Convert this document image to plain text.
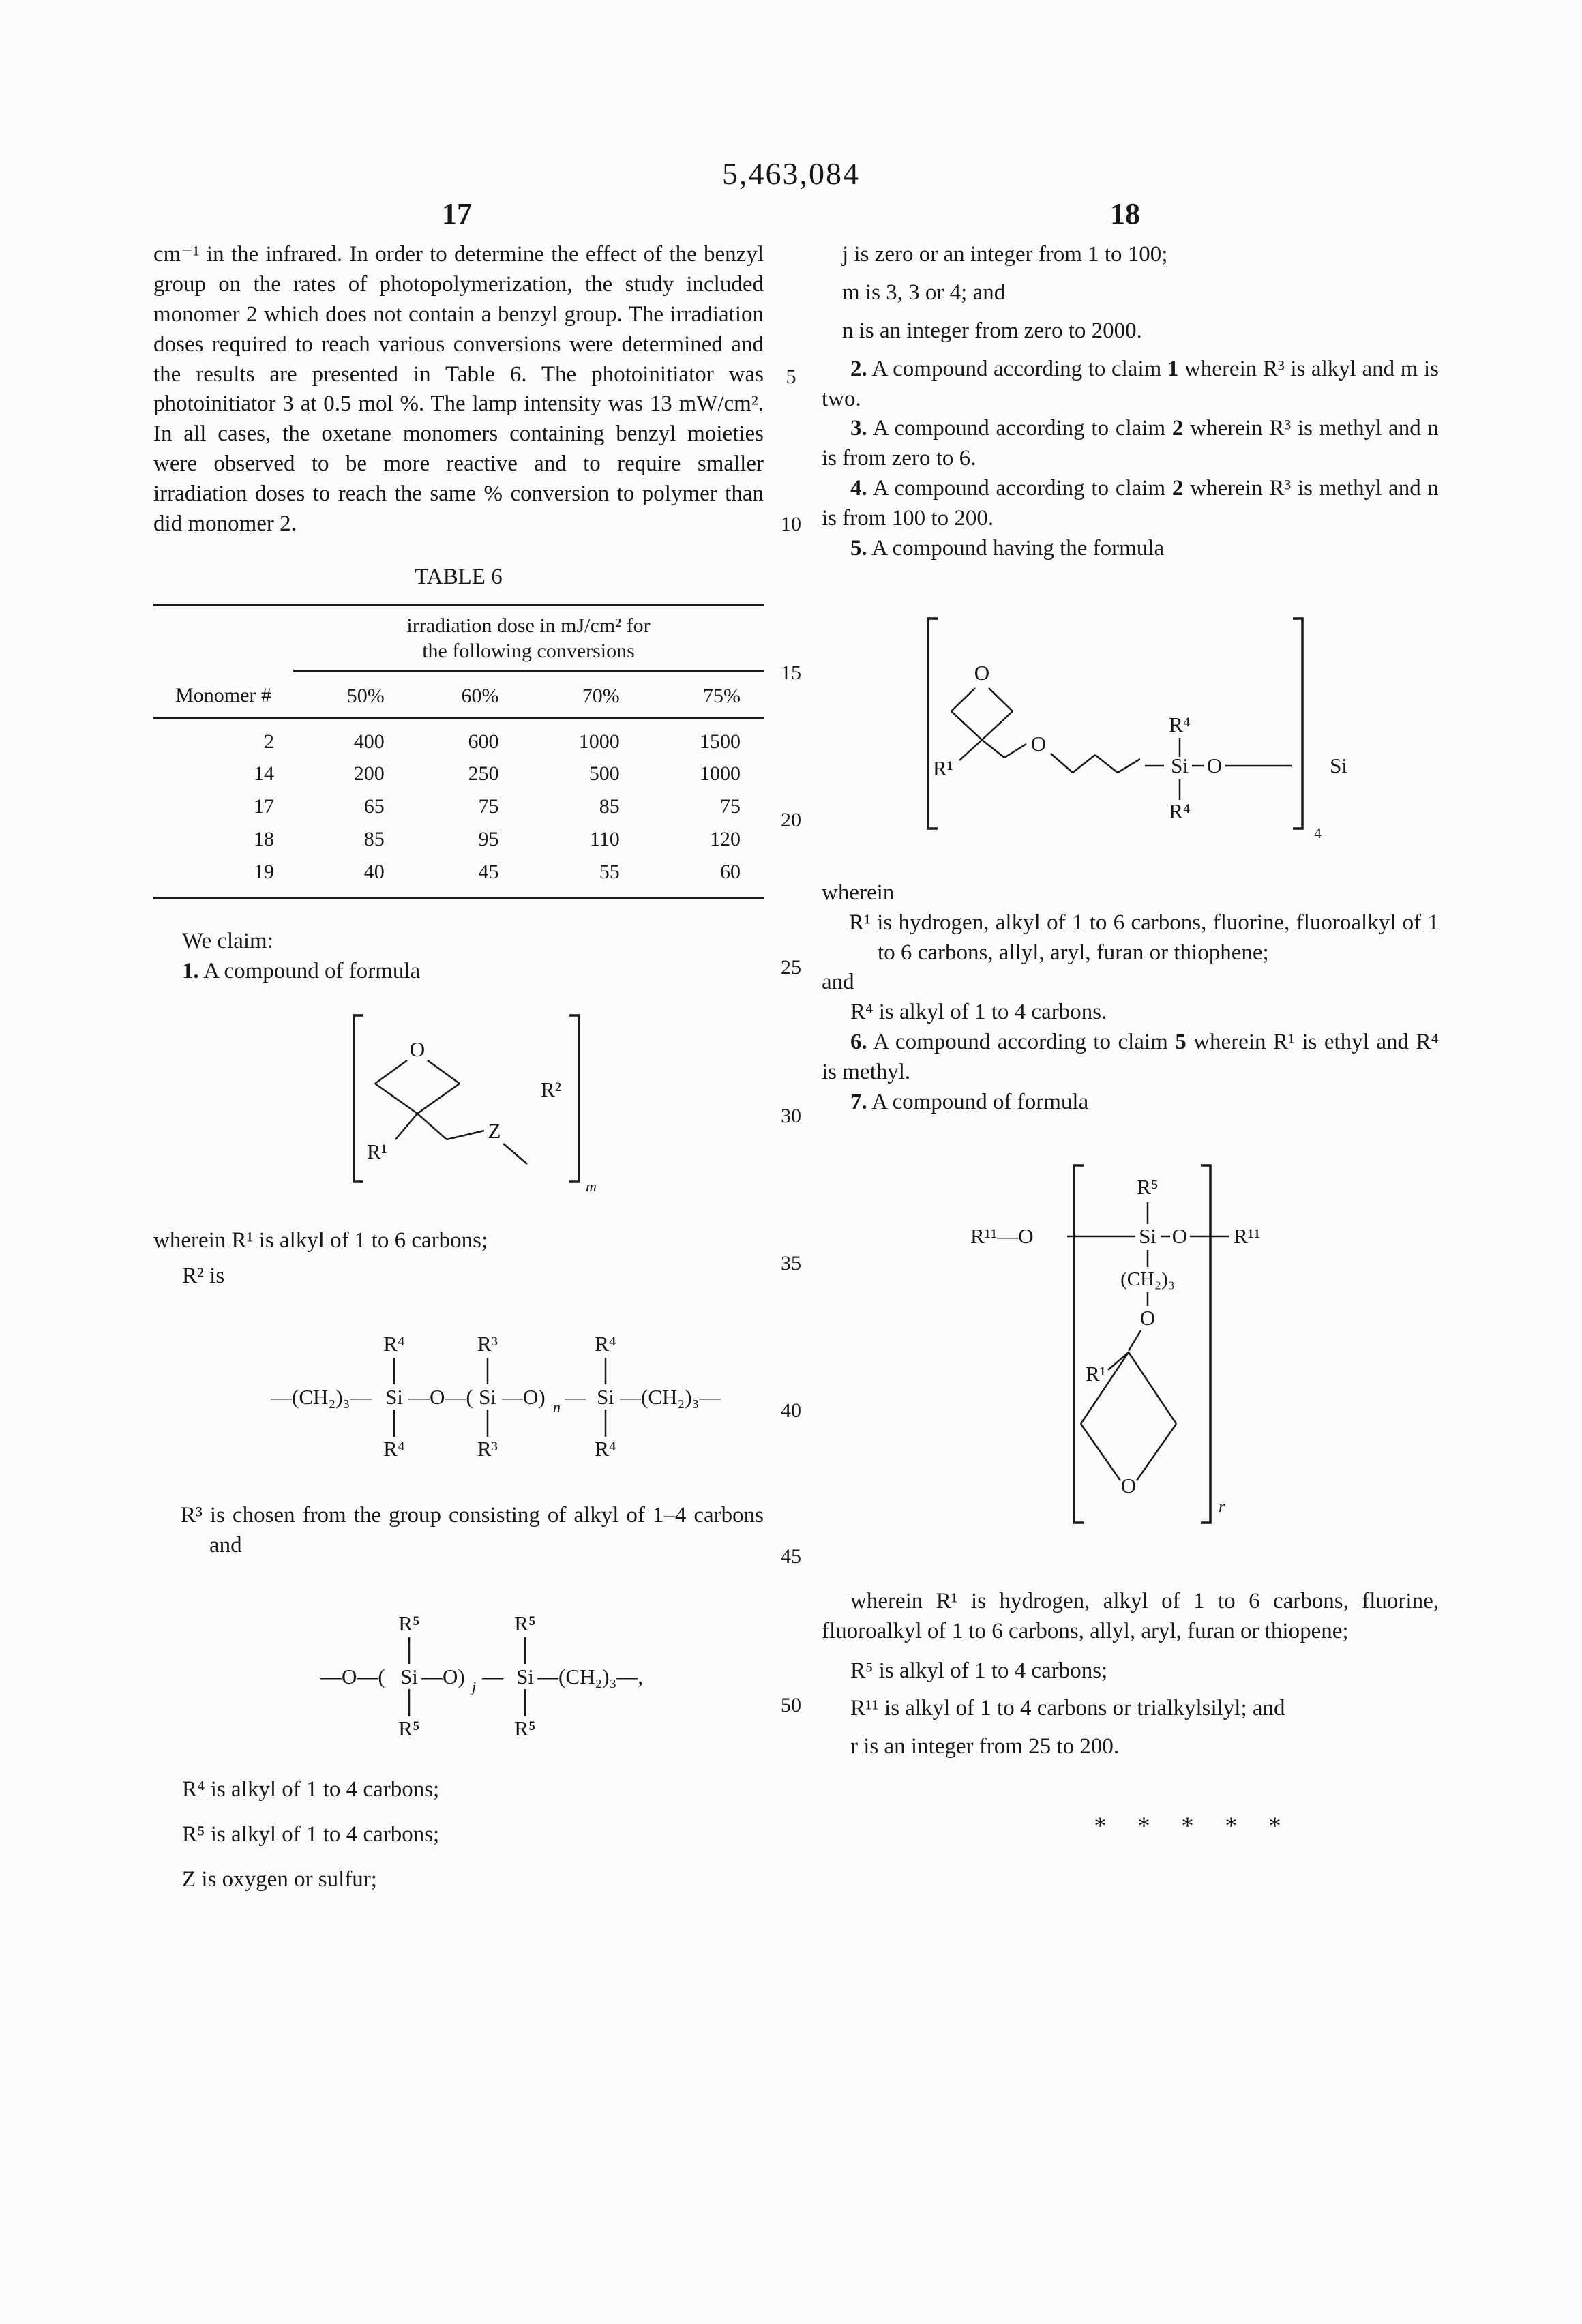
5,463,084
17	18
5
10
15
20
25
30
35
40
45
50

cm⁻¹ in the infrared. In order to determine the effect of the benzyl group on the rates of photopolymerization, the study included monomer 2 which does not contain a benzyl group. The irradiation doses required to reach various conversions were determined and the results are presented in Table 6. The photoinitiator was photoinitiator 3 at 0.5 mol %. The lamp intensity was 13 mW/cm². In all cases, the oxetane monomers containing benzyl moieties were observed to be more reactive and to require smaller irradiation doses to reach the same % conversion to polymer than did monomer 2.

TABLE 6

	irradiation dose in mJ/cm² for
the following conversions			

Monomer #	50%	60%	70%	75%
2	400	600	1000	1500
14	200	250	500	1000
17	65	75	85	75
18	85	95	110	120
19	40	45	55	60

We claim:

1. A compound of formula

O
R¹
Z
R²
m

wherein R¹ is alkyl of 1 to 6 carbons;

R² is

—(CH₂)₃— Si —O—( Si —O) n — Si —(CH₂)₃—
R⁴
R⁴
R³
R³
R⁴
R⁴

R³ is chosen from the group consisting of alkyl of 1–4 carbons and

—O—( Si —O) j — Si —(CH₂)₃—,
R⁵
R⁵
R⁵
R⁵

R⁴ is alkyl of 1 to 4 carbons;

R⁵ is alkyl of 1 to 4 carbons;

Z is oxygen or sulfur;

j is zero or an integer from 1 to 100;

m is 3, 3 or 4; and

n is an integer from zero to 2000.

2. A compound according to claim 1 wherein R³ is alkyl and m is two.

3. A compound according to claim 2 wherein R³ is methyl and n is from zero to 6.

4. A compound according to claim 2 wherein R³ is methyl and n is from 100 to 200.

5. A compound having the formula

O
R¹
O
Si O
R⁴
R⁴
4
Si

wherein

R¹ is hydrogen, alkyl of 1 to 6 carbons, fluorine, fluoroalkyl of 1 to 6 carbons, allyl, aryl, furan or thiophene;

and

R⁴ is alkyl of 1 to 4 carbons.

6. A compound according to claim 5 wherein R¹ is ethyl and R⁴ is methyl.

7. A compound of formula

R¹¹—O
R⁵
Si O R¹¹
(CH₂)₃
O
R¹
O
r

wherein R¹ is hydrogen, alkyl of 1 to 6 carbons, fluorine, fluoroalkyl of 1 to 6 carbons, allyl, aryl, furan or thiopene;

R⁵ is alkyl of 1 to 4 carbons;

R¹¹ is alkyl of 1 to 4 carbons or trialkylsilyl; and

r is an integer from 25 to 200.

*    *    *    *    *
